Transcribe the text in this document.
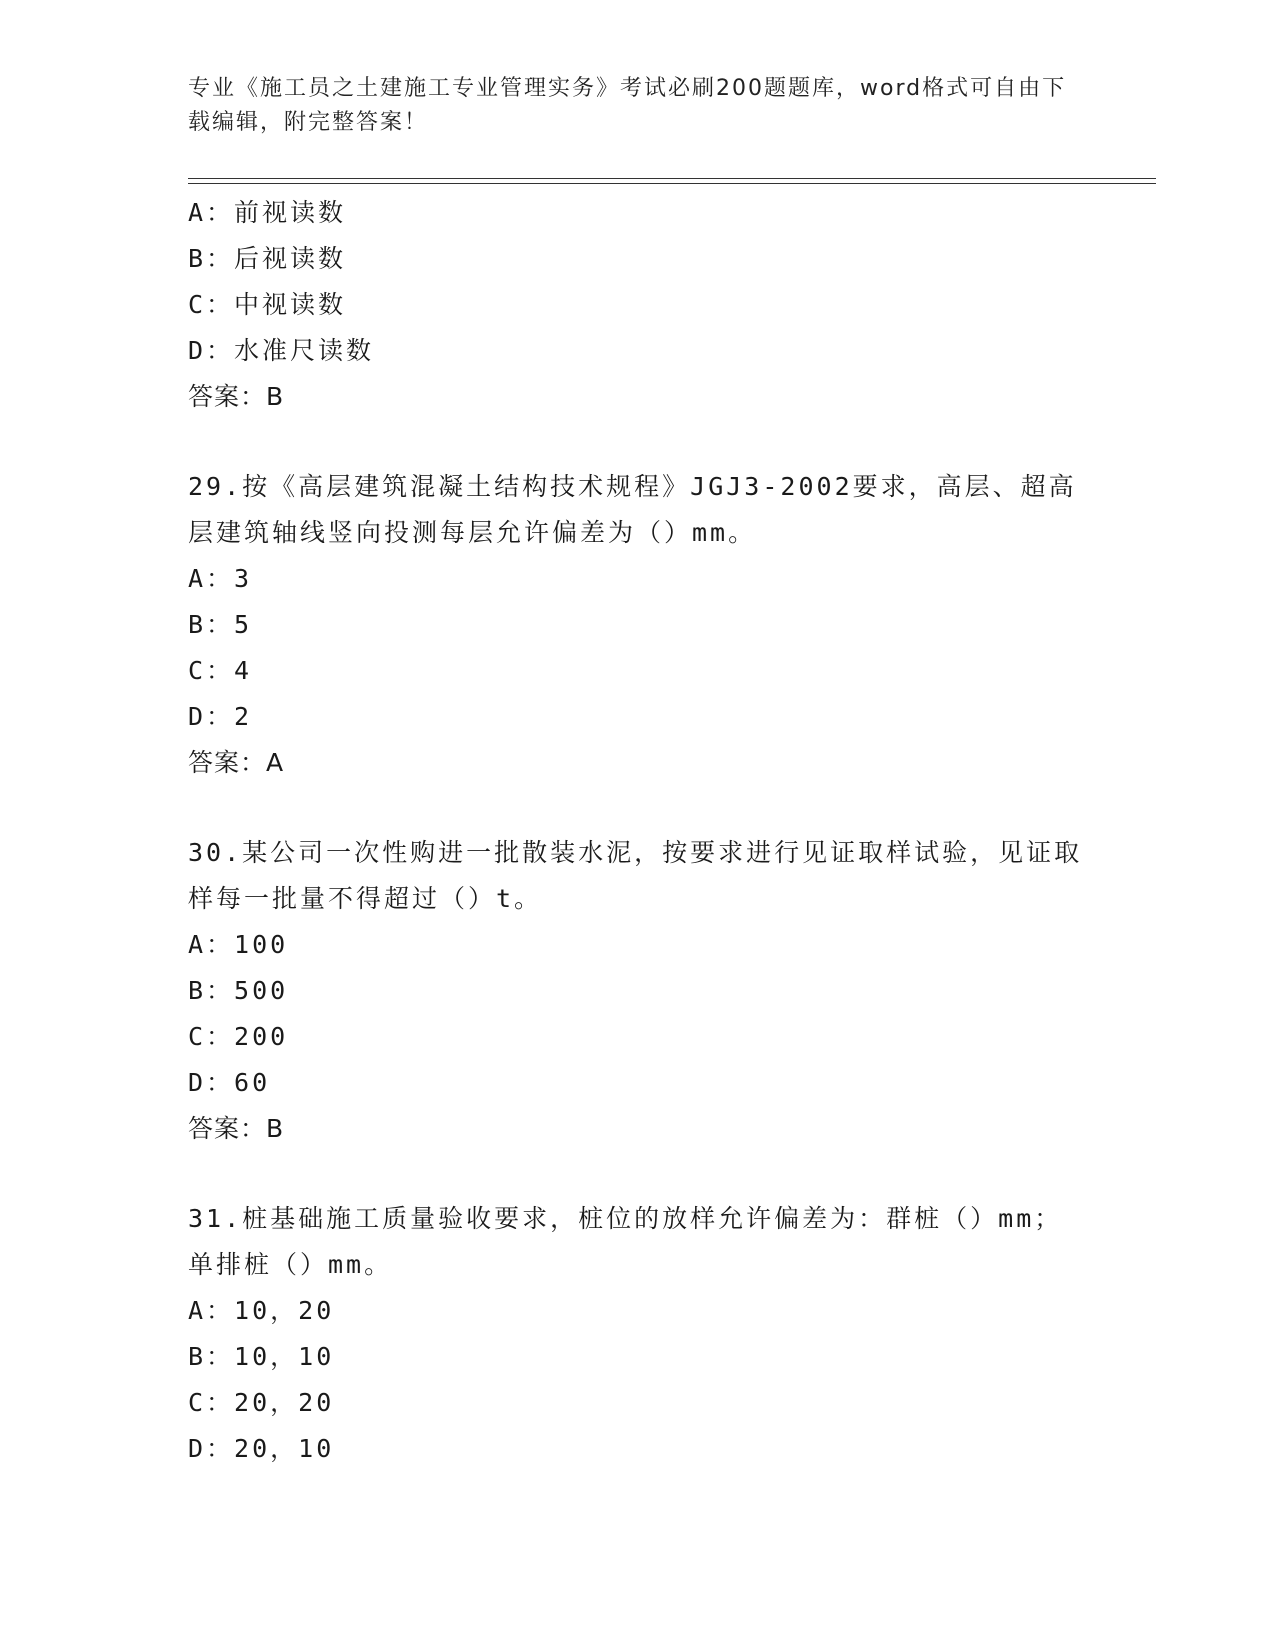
专业《施工员之土建施工专业管理实务》考试必刷200题题库，word格式可自由下载编辑，附完整答案！
A：前视读数
B：后视读数
C：中视读数
D：水准尺读数
答案：B
29.按《高层建筑混凝土结构技术规程》JGJ3-2002要求，高层、超高层建筑轴线竖向投测每层允许偏差为（）mm。
A：3
B：5
C：4
D：2
答案：A
30.某公司一次性购进一批散装水泥，按要求进行见证取样试验，见证取样每一批量不得超过（）t。
A：100
B：500
C：200
D：60
答案：B
31.桩基础施工质量验收要求，桩位的放样允许偏差为：群桩（）mm；单排桩（）mm。
A：10，20
B：10，10
C：20，20
D：20，10
